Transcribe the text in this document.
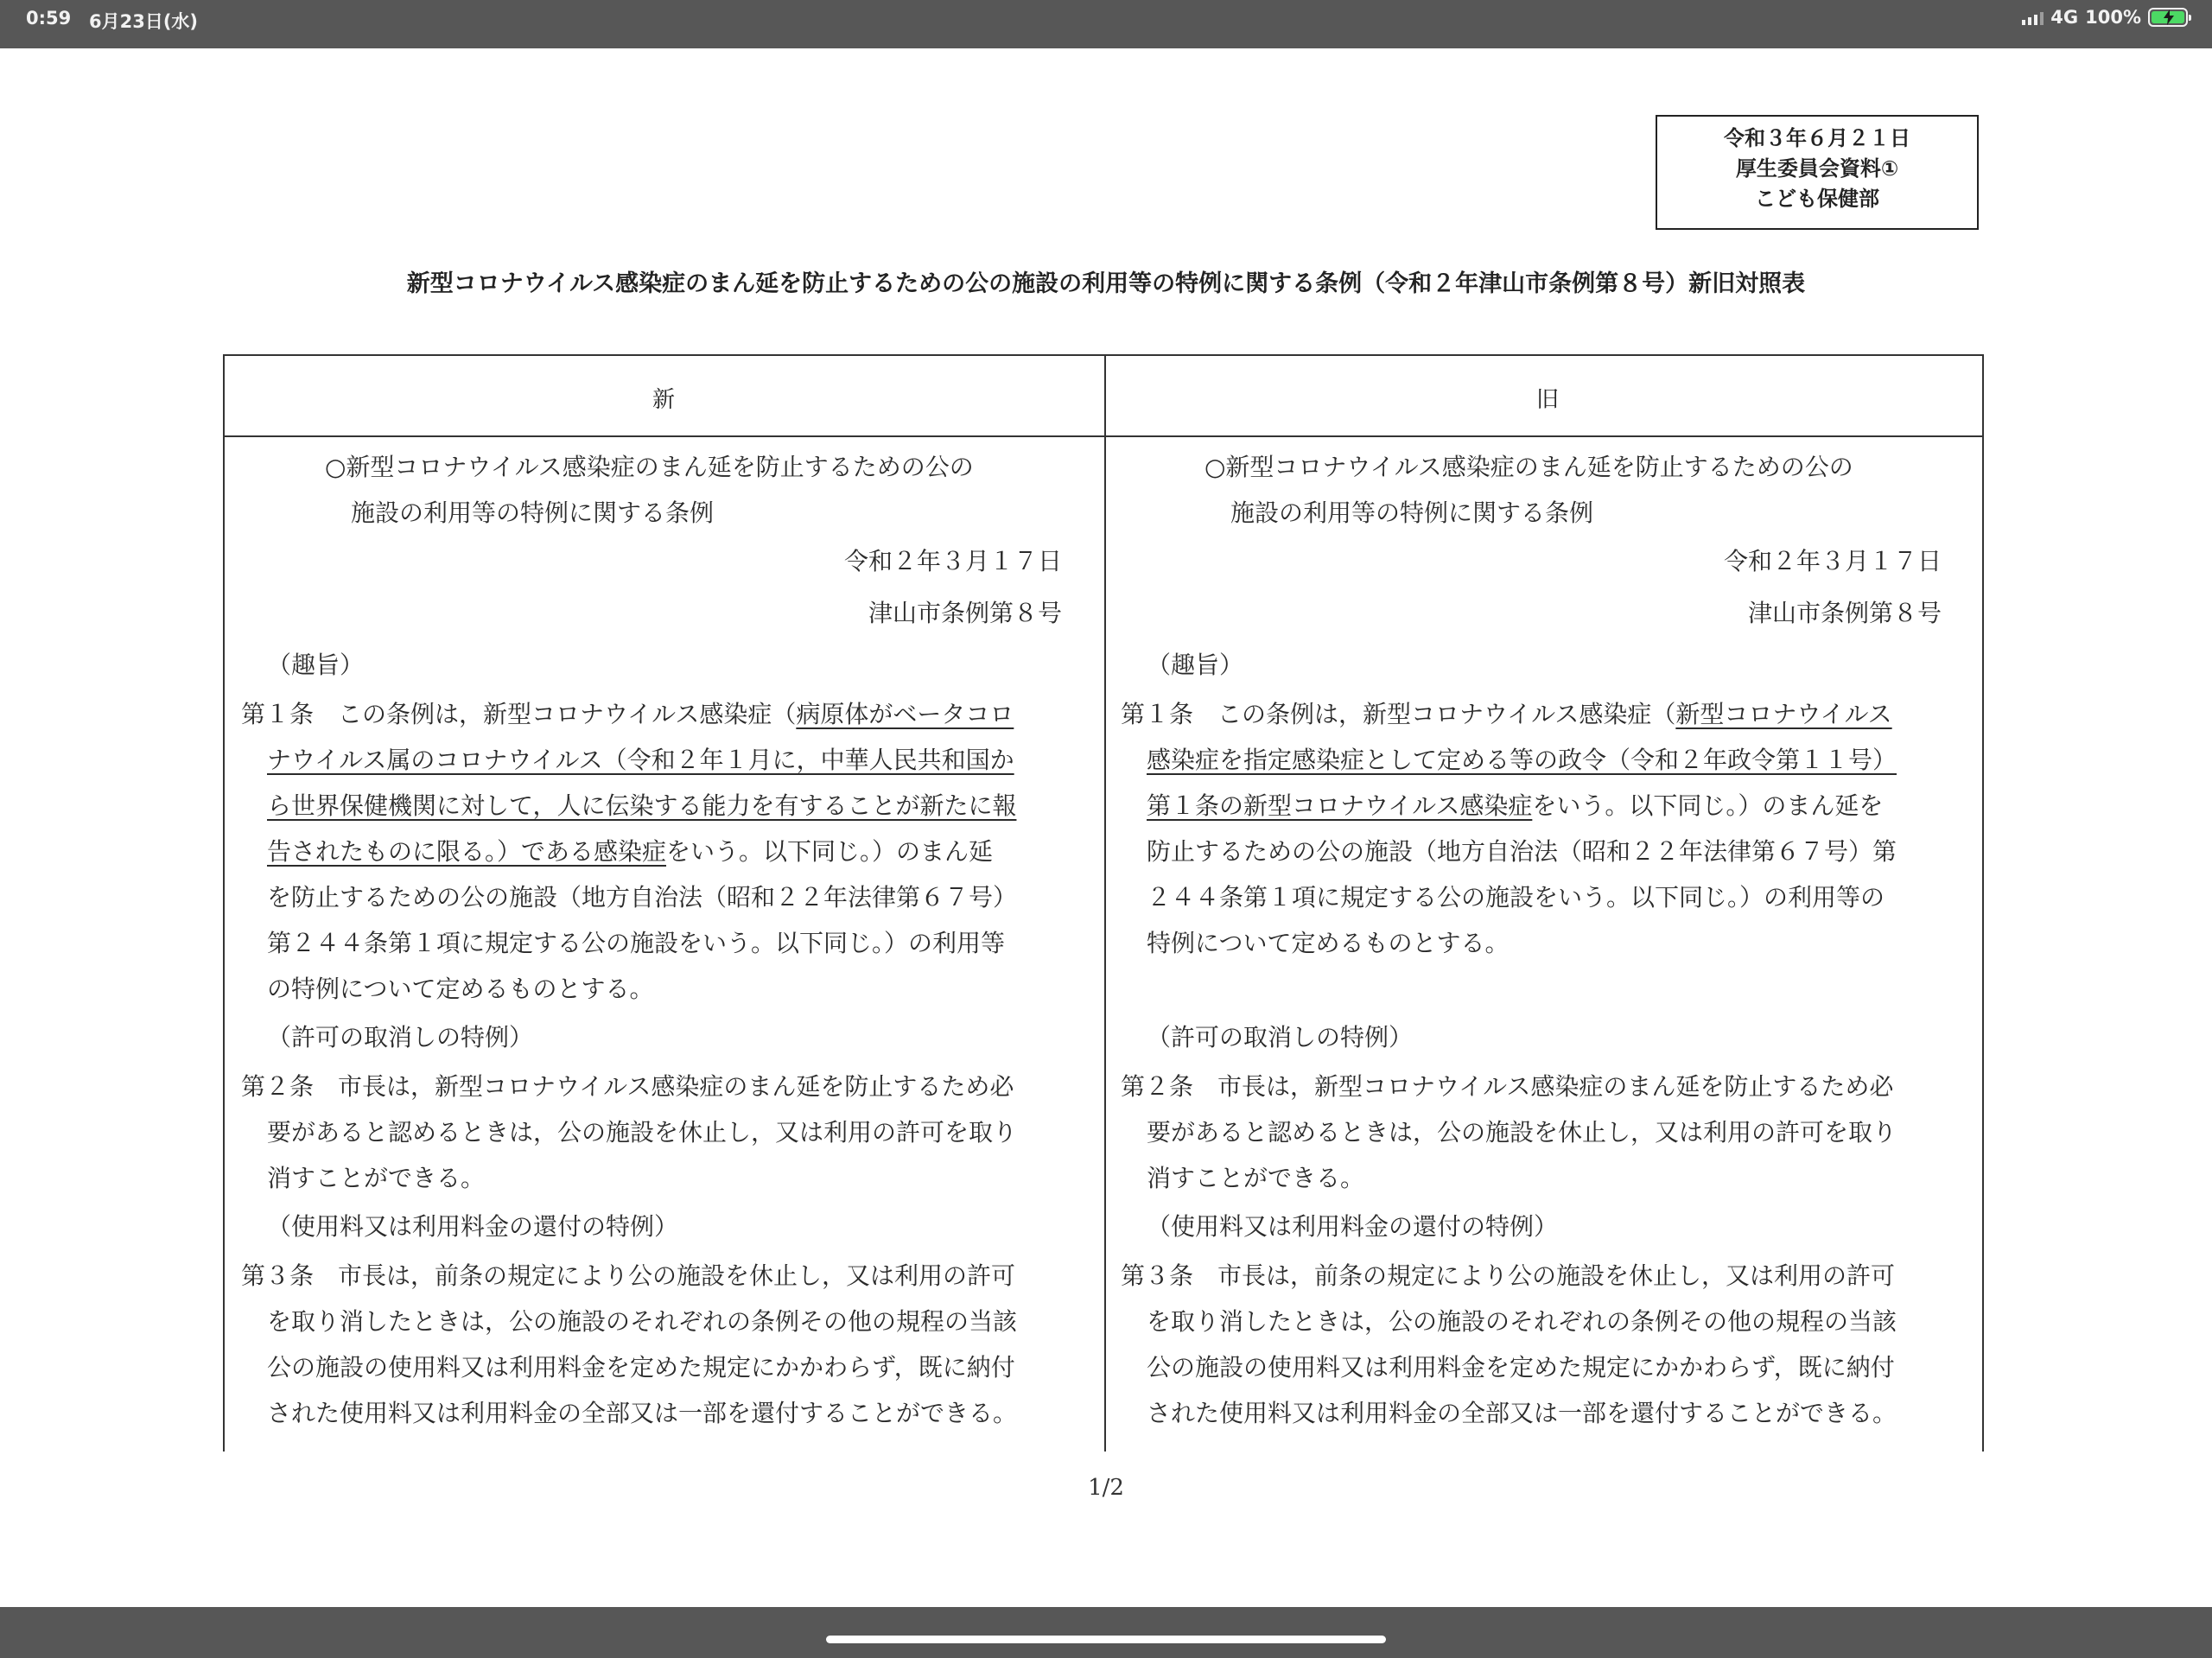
0:59 6月23日(水)	4G 100%
令和３年６月２１日
厚生委員会資料①
こども保健部
新型コロナウイルス感染症のまん延を防止するための公の施設の利用等の特例に関する条例（令和２年津山市条例第８号）新旧対照表
新	旧
○新型コロナウイルス感染症のまん延を防止するための公の
施設の利用等の特例に関する条例
令和２年３月１７日
津山市条例第８号
（趣旨）
第１条　この条例は，新型コロナウイルス感染症（病原体がベータコロ
ナウイルス属のコロナウイルス（令和２年１月に，中華人民共和国か
ら世界保健機関に対して，人に伝染する能力を有することが新たに報
告されたものに限る。）である感染症をいう。以下同じ。）のまん延
を防止するための公の施設（地方自治法（昭和２２年法律第６７号）
第２４４条第１項に規定する公の施設をいう。以下同じ。）の利用等
の特例について定めるものとする。
（許可の取消しの特例）
第２条　市長は，新型コロナウイルス感染症のまん延を防止するため必
要があると認めるときは，公の施設を休止し，又は利用の許可を取り
消すことができる。
（使用料又は利用料金の還付の特例）
第３条　市長は，前条の規定により公の施設を休止し，又は利用の許可
を取り消したときは，公の施設のそれぞれの条例その他の規程の当該
公の施設の使用料又は利用料金を定めた規定にかかわらず，既に納付
された使用料又は利用料金の全部又は一部を還付することができる。
○新型コロナウイルス感染症のまん延を防止するための公の
施設の利用等の特例に関する条例
令和２年３月１７日
津山市条例第８号
（趣旨）
第１条　この条例は，新型コロナウイルス感染症（新型コロナウイルス
感染症を指定感染症として定める等の政令（令和２年政令第１１号）
第１条の新型コロナウイルス感染症をいう。以下同じ。）のまん延を
防止するための公の施設（地方自治法（昭和２２年法律第６７号）第
２４４条第１項に規定する公の施設をいう。以下同じ。）の利用等の
特例について定めるものとする。
（許可の取消しの特例）
第２条　市長は，新型コロナウイルス感染症のまん延を防止するため必
要があると認めるときは，公の施設を休止し，又は利用の許可を取り
消すことができる。
（使用料又は利用料金の還付の特例）
第３条　市長は，前条の規定により公の施設を休止し，又は利用の許可
を取り消したときは，公の施設のそれぞれの条例その他の規程の当該
公の施設の使用料又は利用料金を定めた規定にかかわらず，既に納付
された使用料又は利用料金の全部又は一部を還付することができる。
1/2
